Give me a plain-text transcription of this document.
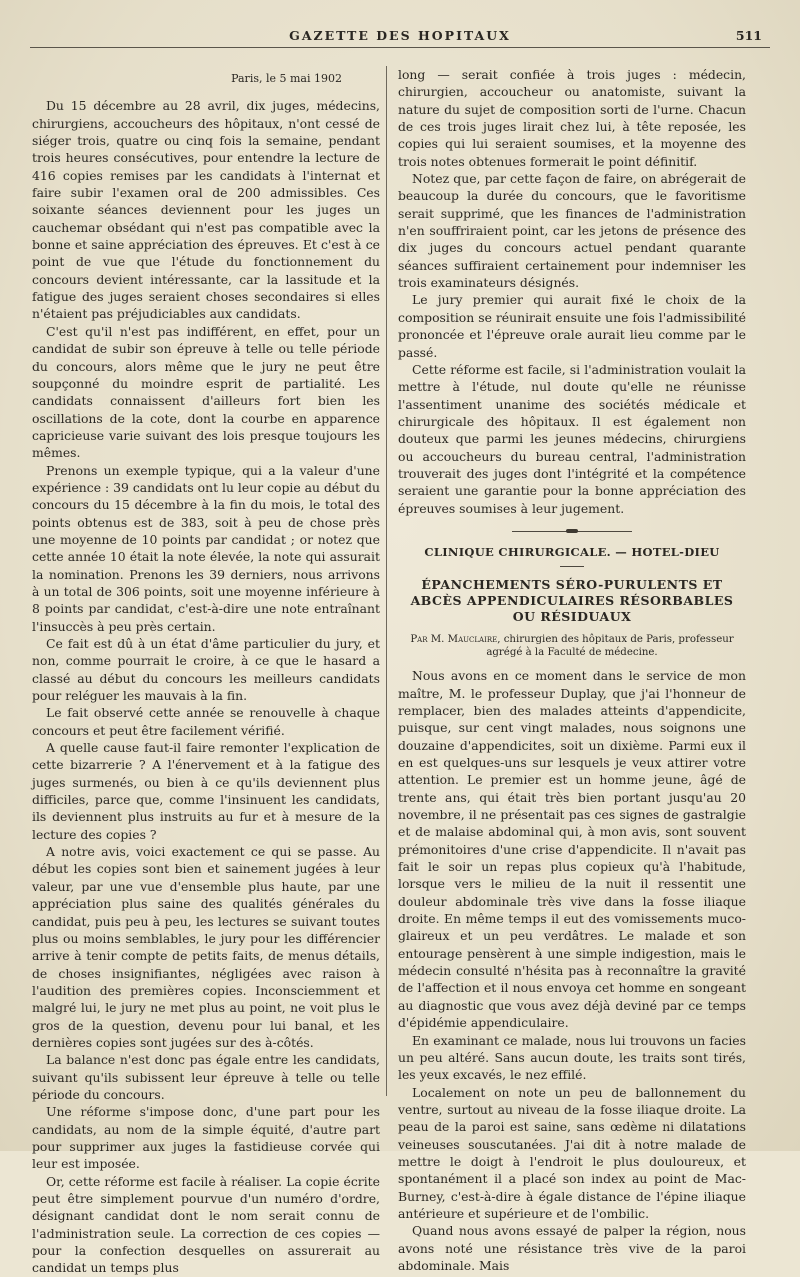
GAZETTE DES HOPITAUX	511
Paris, le 5 mai 1902

Du 15 décembre au 28 avril, dix juges, médecins, chirurgiens, accoucheurs des hôpitaux, n'ont cessé de siéger trois, quatre ou cinq fois la semaine, pendant trois heures consécutives, pour entendre la lecture de 416 copies remises par les candidats à l'internat et faire subir l'examen oral de 200 admissibles. Ces soixante séances deviennent pour les juges un cauchemar obsédant qui n'est pas compatible avec la bonne et saine appréciation des épreuves. Et c'est à ce point de vue que l'étude du fonctionnement du concours devient intéressante, car la lassitude et la fatigue des juges seraient choses secondaires si elles n'étaient pas préjudiciables aux candidats.

C'est qu'il n'est pas indifférent, en effet, pour un candidat de subir son épreuve à telle ou telle période du concours, alors même que le jury ne peut être soupçonné du moindre esprit de partialité. Les candidats connaissent d'ailleurs fort bien les oscillations de la cote, dont la courbe en apparence capricieuse varie suivant des lois presque toujours les mêmes.

Prenons un exemple typique, qui a la valeur d'une expérience : 39 candidats ont lu leur copie au début du concours du 15 décembre à la fin du mois, le total des points obtenus est de 383, soit à peu de chose près une moyenne de 10 points par candidat ; or notez que cette année 10 était la note élevée, la note qui assurait la nomination. Prenons les 39 derniers, nous arrivons à un total de 306 points, soit une moyenne inférieure à 8 points par candidat, c'est-à-dire une note entraînant l'insuccès à peu près certain.

Ce fait est dû à un état d'âme particulier du jury, et non, comme pourrait le croire, à ce que le hasard a classé au début du concours les meilleurs candidats pour reléguer les mauvais à la fin.

Le fait observé cette année se renouvelle à chaque concours et peut être facilement vérifié.

A quelle cause faut-il faire remonter l'explication de cette bizarrerie ? A l'énervement et à la fatigue des juges surmenés, ou bien à ce qu'ils deviennent plus difficiles, parce que, comme l'insinuent les candidats, ils deviennent plus instruits au fur et à mesure de la lecture des copies ?

A notre avis, voici exactement ce qui se passe. Au début les copies sont bien et sainement jugées à leur valeur, par une vue d'ensemble plus haute, par une appréciation plus saine des qualités générales du candidat, puis peu à peu, les lectures se suivant toutes plus ou moins semblables, le jury pour les différencier arrive à tenir compte de petits faits, de menus détails, de choses insignifiantes, négligées avec raison à l'audition des premières copies. Inconsciemment et malgré lui, le jury ne met plus au point, ne voit plus le gros de la question, devenu pour lui banal, et les dernières copies sont jugées sur des à-côtés.

La balance n'est donc pas égale entre les candidats, suivant qu'ils subissent leur épreuve à telle ou telle période du concours.

Une réforme s'impose donc, d'une part pour les candidats, au nom de la simple équité, d'autre part pour supprimer aux juges la fastidieuse corvée qui leur est imposée.

Or, cette réforme est facile à réaliser. La copie écrite peut être simplement pourvue d'un numéro d'ordre, désignant candidat dont le nom serait connu de l'administration seule. La correction de ces copies — pour la confection desquelles on assurerait au candidat un temps plus

long — serait confiée à trois juges : médecin, chirurgien, accoucheur ou anatomiste, suivant la nature du sujet de composition sorti de l'urne. Chacun de ces trois juges lirait chez lui, à tête reposée, les copies qui lui seraient soumises, et la moyenne des trois notes obtenues formerait le point définitif.

Notez que, par cette façon de faire, on abrégerait de beaucoup la durée du concours, que le favoritisme serait supprimé, que les finances de l'administration n'en souffriraient point, car les jetons de présence des dix juges du concours actuel pendant quarante séances suffiraient certainement pour indemniser les trois examinateurs désignés.

Le jury premier qui aurait fixé le choix de la composition se réunirait ensuite une fois l'admissibilité prononcée et l'épreuve orale aurait lieu comme par le passé.

Cette réforme est facile, si l'administration voulait la mettre à l'étude, nul doute qu'elle ne réunisse l'assentiment unanime des sociétés médicale et chirurgicale des hôpitaux. Il est également non douteux que parmi les jeunes médecins, chirurgiens ou accoucheurs du bureau central, l'administration trouverait des juges dont l'intégrité et la compétence seraient une garantie pour la bonne appréciation des épreuves soumises à leur jugement.

CLINIQUE CHIRURGICALE. — HOTEL-DIEU
ÉPANCHEMENTS SÉRO-PURULENTS ET ABCÈS APPENDICULAIRES RÉSORBABLES OU RÉSIDUAUX
Par M. Mauclaire, chirurgien des hôpitaux de Paris, professeur agrégé à la Faculté de médecine.

Nous avons en ce moment dans le service de mon maître, M. le professeur Duplay, que j'ai l'honneur de remplacer, bien des malades atteints d'appendicite, puisque, sur cent vingt malades, nous soignons une douzaine d'appendicites, soit un dixième. Parmi eux il en est quelques-uns sur lesquels je veux attirer votre attention. Le premier est un homme jeune, âgé de trente ans, qui était très bien portant jusqu'au 20 novembre, il ne présentait pas ces signes de gastralgie et de malaise abdominal qui, à mon avis, sont souvent prémonitoires d'une crise d'appendicite. Il n'avait pas fait le soir un repas plus copieux qu'à l'habitude, lorsque vers le milieu de la nuit il ressentit une douleur abdominale très vive dans la fosse iliaque droite. En même temps il eut des vomissements muco-glaireux et un peu verdâtres. Le malade et son entourage pensèrent à une simple indigestion, mais le médecin consulté n'hésita pas à reconnaître la gravité de l'affection et il nous envoya cet homme en songeant au diagnostic que vous avez déjà deviné par ce temps d'épidémie appendiculaire.

En examinant ce malade, nous lui trouvons un facies un peu altéré. Sans aucun doute, les traits sont tirés, les yeux excavés, le nez effilé.

Localement on note un peu de ballonnement du ventre, surtout au niveau de la fosse iliaque droite. La peau de la paroi est saine, sans œdème ni dilatations veineuses souscutanées. J'ai dit à notre malade de mettre le doigt à l'endroit le plus douloureux, et spontanément il a placé son index au point de Mac-Burney, c'est-à-dire à égale distance de l'épine iliaque antérieure et supérieure et de l'ombilic.

Quand nous avons essayé de palper la région, nous avons noté une résistance très vive de la paroi abdominale. Mais
